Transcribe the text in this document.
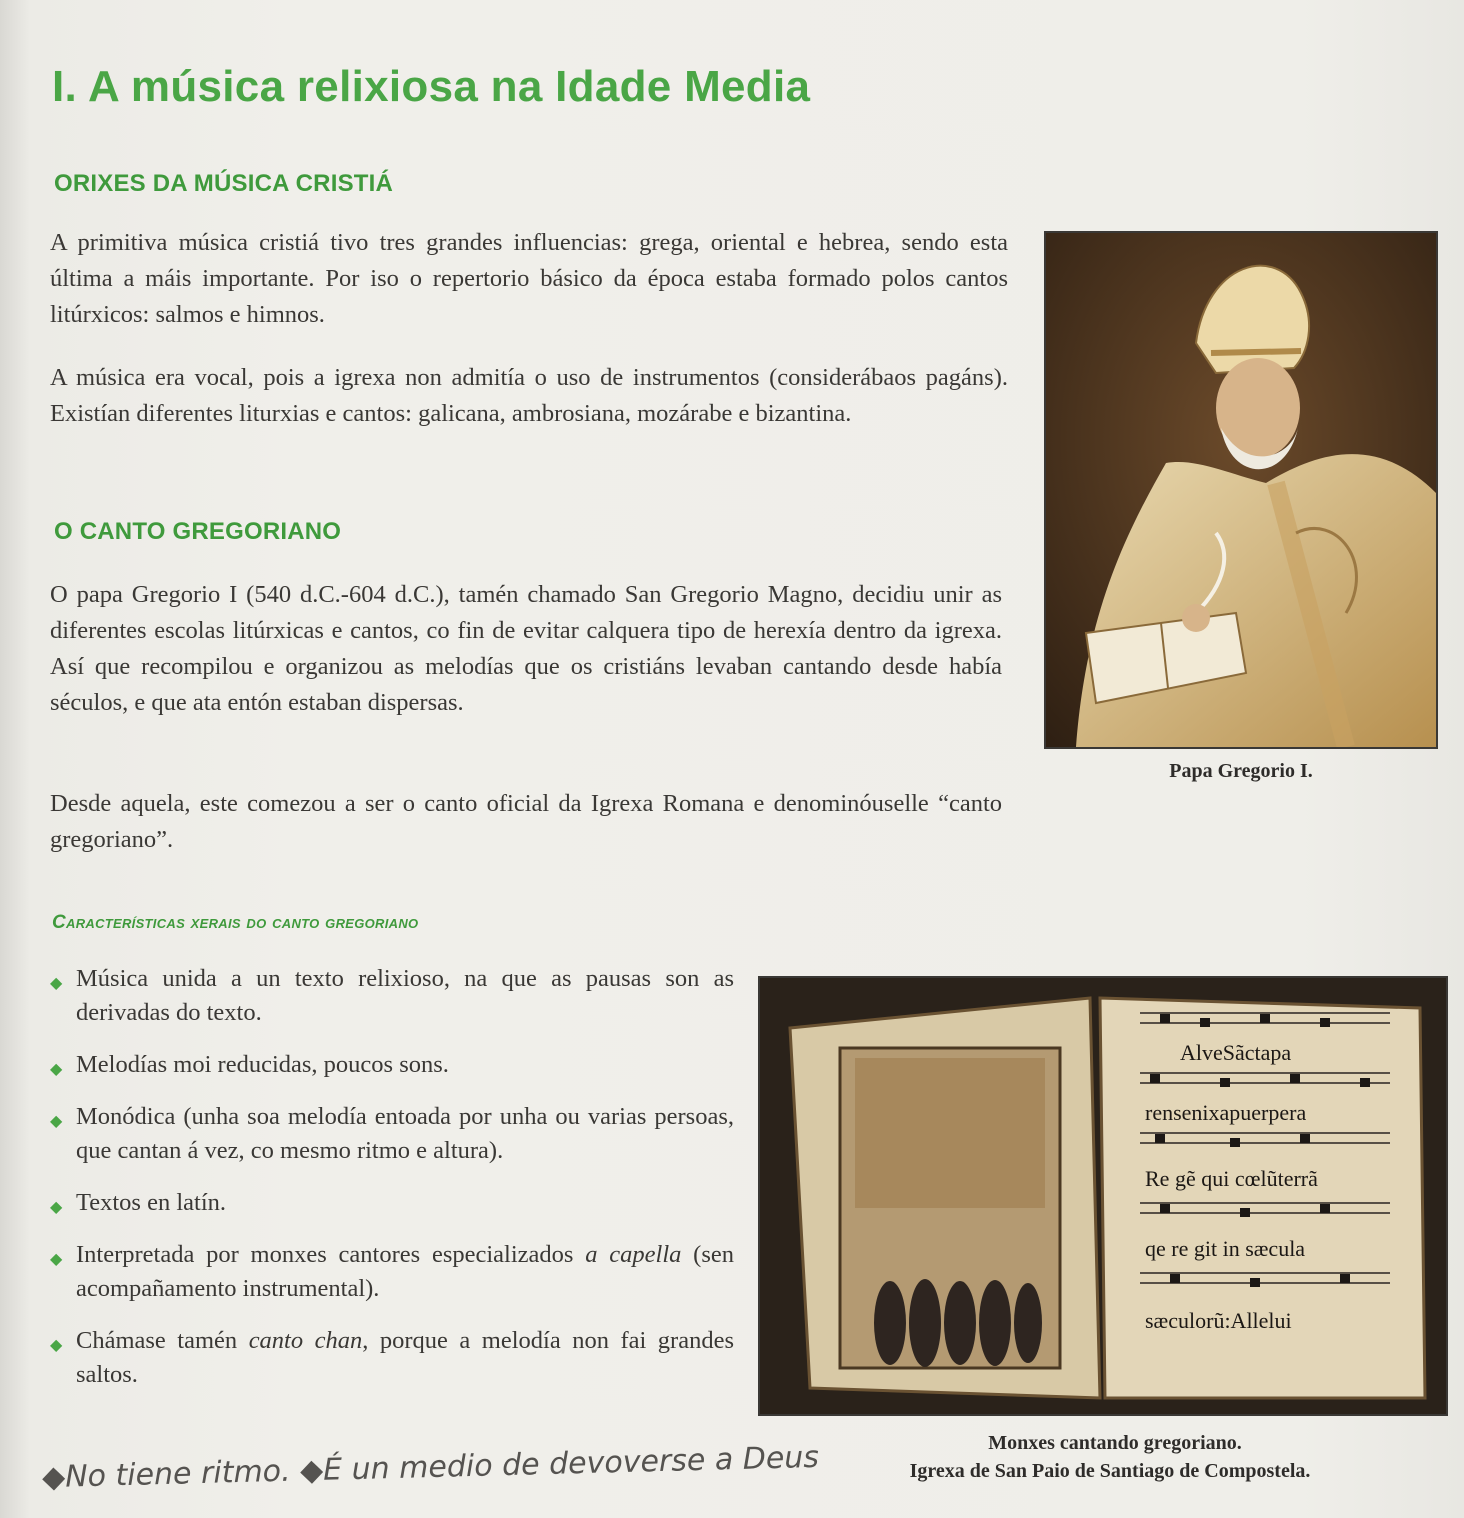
I. A música relixiosa na Idade Media
ORIXES DA MÚSICA CRISTIÁ

A primitiva música cristiá tivo tres grandes influencias: grega, oriental e hebrea, sendo esta última a máis importante. Por iso o repertorio básico da época estaba formado polos cantos litúrxicos: salmos e himnos.

A música era vocal, pois a igrexa non admitía o uso de instrumentos (considerábaos pagáns). Existían diferentes liturxias e cantos: galicana, ambrosiana, mozárabe e bizantina.

O CANTO GREGORIANO

O papa Gregorio I (540 d.C.-604 d.C.), tamén chamado San Gregorio Magno, decidiu unir as diferentes escolas litúrxicas e cantos, co fin de evitar calquera tipo de herexía dentro da igrexa. Así que recompilou e organizou as melodías que os cristiáns levaban cantando desde había séculos, e que ata entón estaban dispersas.

Desde aquela, este comezou a ser o canto oficial da Igrexa Romana e denominóuselle “canto gregoriano”.

Características xerais do canto gregoriano
◆ Música unida a un texto relixioso, na que as pausas son as derivadas do texto.
◆ Melodías moi reducidas, poucos sons.
◆ Monódica (unha soa melodía entoada por unha ou varias persoas, que cantan á vez, co mesmo ritmo e altura).
◆ Textos en latín.
◆ Interpretada por monxes cantores especializados a capella (sen acompañamento instrumental).
◆ Chámase tamén canto chan, porque a melodía non fai grandes saltos.

Papa Gregorio I.

AlveSãctapa
rensenixapuerpera
Re gẽ qui cœlũterrã
qe re git in sæcula
sæculorũ:Allelui

Monxes cantando gregoriano.

Igrexa de San Paio de Santiago de Compostela.

◆No tiene ritmo. ◆É un medio de devoverse a Deus
